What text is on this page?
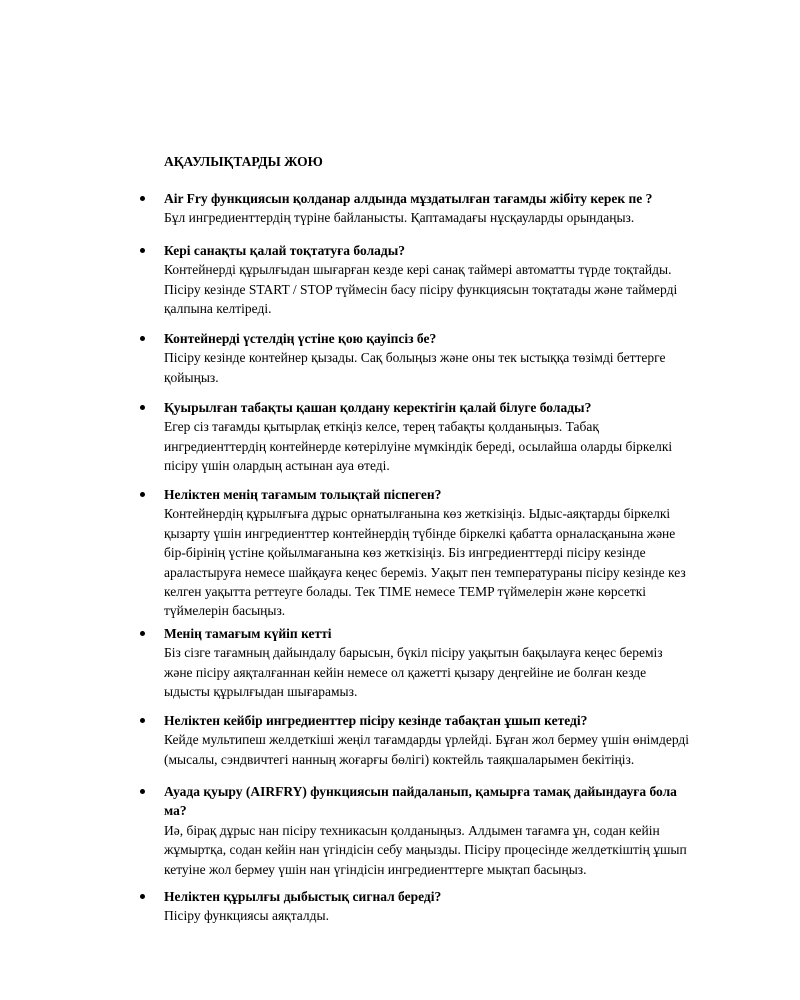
АҚАУЛЫҚТАРДЫ ЖОЮ
Air Fry функциясын қолданар алдында мұздатылған тағамды жібіту керек пе ?
Бұл ингредиенттердің түріне байланысты. Қаптамадағы нұсқауларды орындаңыз.
Кері санақты қалай тоқтатуға болады?
Контейнерді құрылғыдан шығарған кезде кері санақ таймері автоматты түрде тоқтайды.
Пісіру кезінде START / STOP түймесін басу пісіру функциясын тоқтатады және таймерді
қалпына келтіреді.
Контейнерді үстелдің үстіне қою қауіпсіз бе?
Пісіру кезінде контейнер қызады. Сақ болыңыз және оны тек ыстыққа төзімді беттерге
қойыңыз.
Қуырылған табақты қашан қолдану керектігін қалай білуге болады?
Егер сіз тағамды қытырлақ еткіңіз келсе, терең табақты қолданыңыз. Табақ
ингредиенттердің контейнерде көтерілуіне мүмкіндік береді, осылайша оларды біркелкі
пісіру үшін олардың астынан ауа өтеді.
Неліктен менің тағамым толықтай піспеген?
Контейнердің құрылғыға дұрыс орнатылғанына көз жеткізіңіз. Ыдыс-аяқтарды біркелкі
қызарту үшін ингредиенттер контейнердің түбінде біркелкі қабатта орналасқанына және
бір-бірінің үстіне қойылмағанына көз жеткізіңіз. Біз ингредиенттерді пісіру кезінде
араластыруға немесе шайқауға кеңес береміз. Уақыт пен температураны пісіру кезінде кез
келген уақытта реттеуге болады. Тек TIME немесе TEMP түймелерін және көрсеткі
түймелерін басыңыз.
Менің тамағым күйіп кетті
Біз сізге тағамның дайындалу барысын, бүкіл пісіру уақытын бақылауға кеңес береміз
және пісіру аяқталғаннан кейін немесе ол қажетті қызару деңгейіне ие болған кезде
ыдысты құрылғыдан шығарамыз.
Неліктен кейбір ингредиенттер пісіру кезінде табақтан ұшып кетеді?
Кейде мультипеш желдеткіші жеңіл тағамдарды үрлейді. Бұған жол бермеу үшін өнімдерді
(мысалы, сэндвичтегі нанның жоғарғы бөлігі) коктейль таяқшаларымен бекітіңіз.
Ауада қуыру (AIRFRY) функциясын пайдаланып, қамырға тамақ дайындауға бола
ма?
Иә, бірақ дұрыс нан пісіру техникасын қолданыңыз. Алдымен тағамға ұн, содан кейін
жұмыртқа, содан кейін нан үгіндісін себу маңызды. Пісіру процесінде желдеткіштің ұшып
кетуіне жол бермеу үшін нан үгіндісін ингредиенттерге мықтап басыңыз.
Неліктен құрылғы дыбыстық сигнал береді?
Пісіру функциясы аяқталды.
